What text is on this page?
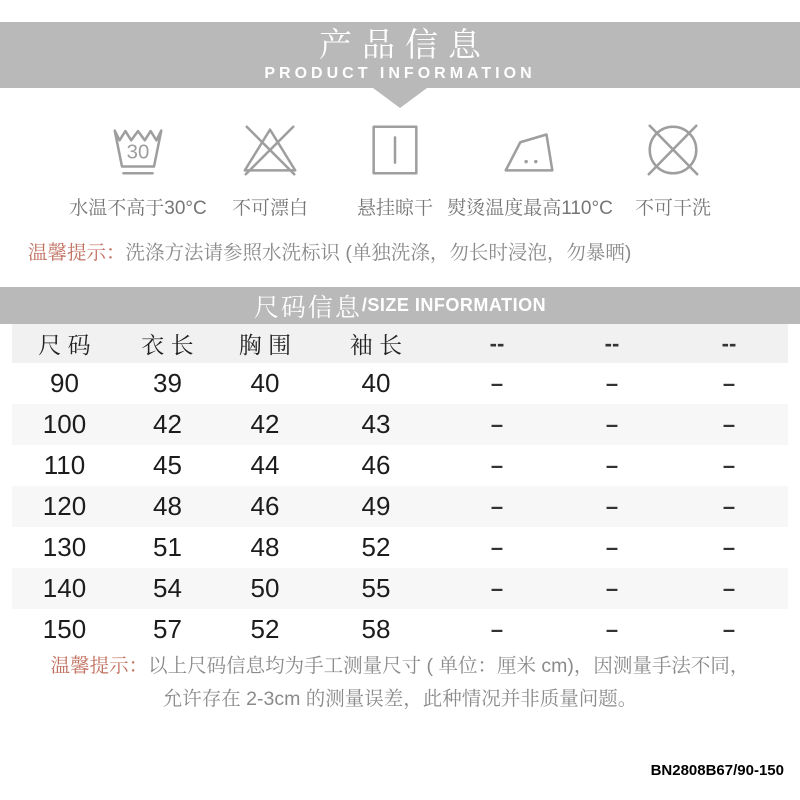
产品信息
PRODUCT INFORMATION
30
水温不高于30°C	不可漂白	悬挂晾干 熨烫温度最高110°C	不可干洗
温馨提示：洗涤方法请参照水洗标识 (单独洗涤，勿长时浸泡，勿暴晒)
尺码信息 /SIZE INFORMATION
尺 码	衣 长	胸 围	袖 长	--	--	--
90	39	40	40	–	–	–
100	42	42	43	–	–	–
110	45	44	46	–	–	–
120	48	46	49	–	–	–
130	51	48	52	–	–	–
140	54	50	55	–	–	–
150	57	52	58	–	–	–
温馨提示：以上尺码信息均为手工测量尺寸 ( 单位：厘米 cm)，因测量手法不同，
允许存在 2-3cm 的测量误差，此种情况并非质量问题。
BN2808B67/90-150
